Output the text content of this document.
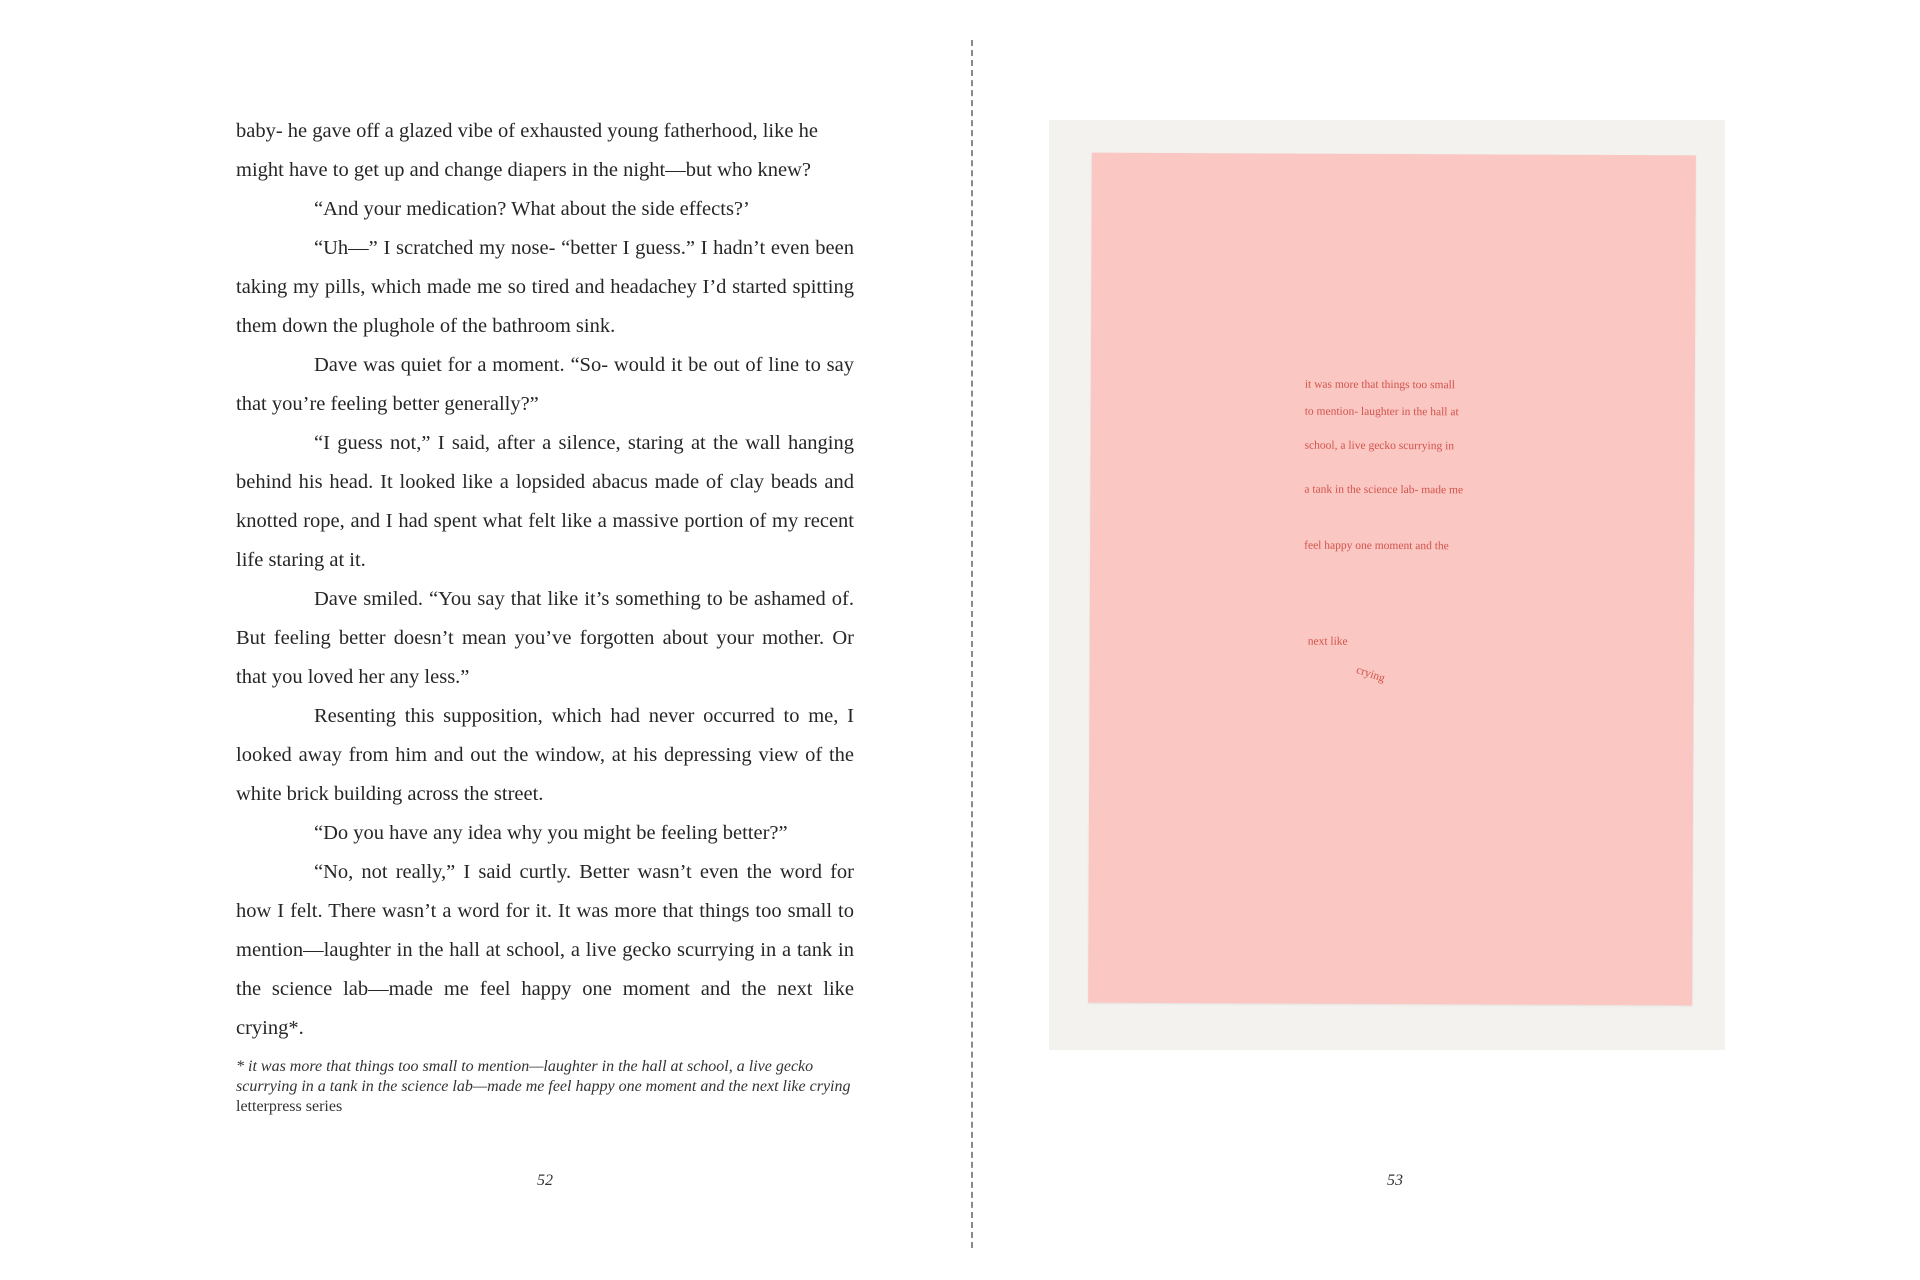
baby- he gave off a glazed vibe of exhausted young fatherhood, like he might have to get up and change diapers in the night—but who knew?

“And your medication? What about the side effects?’

“Uh—” I scratched my nose- “better I guess.” I hadn’t even been taking my pills, which made me so tired and headachey I’d started spitting them down the plughole of the bathroom sink.

Dave was quiet for a moment. “So- would it be out of line to say that you’re feeling better generally?”

“I guess not,” I said, after a silence, staring at the wall hanging behind his head. It looked like a lopsided abacus made of clay beads and knotted rope, and I had spent what felt like a massive portion of my recent life staring at it.

Dave smiled. “You say that like it’s something to be ashamed of. But feeling better doesn’t mean you’ve forgotten about your mother. Or that you loved her any less.”

Resenting this supposition, which had never occurred to me, I looked away from him and out the window, at his depressing view of the white brick building across the street.

“Do you have any idea why you might be feeling better?”

“No, not really,” I said curtly. Better wasn’t even the word for how I felt. There wasn’t a word for it. It was more that things too small to mention—laughter in the hall at school, a live gecko scurrying in a tank in the science lab—made me feel happy one moment and the next like crying*.

* it was more that things too small to mention—laughter in the hall at school, a live gecko scurrying in a tank in the science lab—made me feel happy one moment and the next like crying letterpress series
52
it was more that things too small
to mention- laughter in the hall at
school, a live gecko scurrying in
a tank in the science lab- made me
feel happy one moment and the
next like
crying
53
